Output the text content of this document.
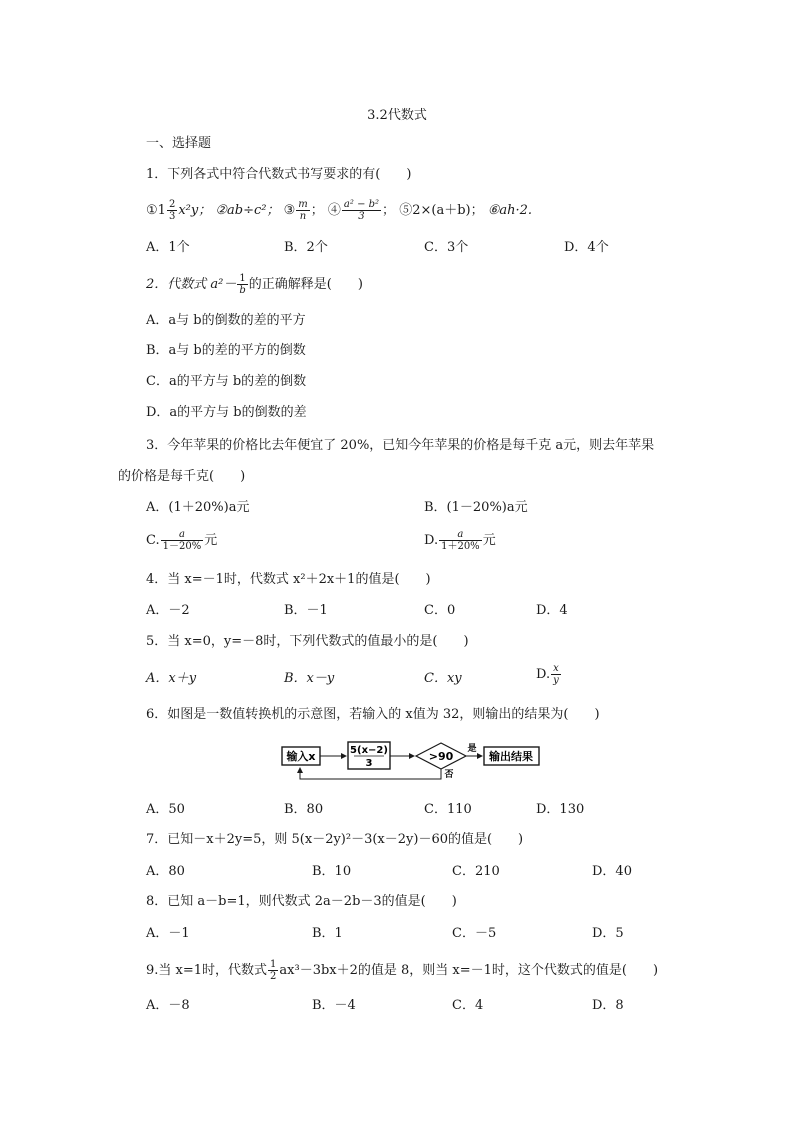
3.2代数式
一、选择题
1．下列各式中符合代数式书写要求的有(　　)
①1 $\frac{2}{3} x^2y$； ②ab÷c²； ③ $\frac{m}{n}$ ； ④ $\frac{\text{a² − b²}}{3}$ ； ⑤2×(a＋b)； ⑥ah·2.
A．1个	B．2个	C．3个	D．4个
2．代数式 $a^2- \frac{1}{b}$ 的正确解释是(　　)
A．a与 b的倒数的差的平方
B．a与 b的差的平方的倒数
C．a的平方与 b的差的倒数
D．a的平方与 b的倒数的差
3．今年苹果的价格比去年便宜了 20%，已知今年苹果的价格是每千克 a元，则去年苹果
的价格是每千克(　　)
A．(1＋20%)a元	B．(1－20%)a元
C. $\frac{a}{1-20\%}$ 元	D. $\frac{a}{1+20\%}$ 元
4．当 x=－1时，代数式 x²＋2x＋1的值是(　　)
A．－2	B．－1	C．0	D．4
5．当 x=0，y=－8时，下列代数式的值最小的是(　　)
A．x＋y	B．x－y	C．xy	D. $\frac{x}{y}$
6．如图是一数值转换机的示意图，若输入的 x值为 32，则输出的结果为(　　)
输入x	5(x−2)
3
>90
是
输出结果
否
A．50	B．80	C．110	D．130
7．已知－x＋2y=5，则 5(x－2y)²－3(x－2y)－60的值是(　　)
A．80	B．10	C．210	D．40
8．已知 a－b=1，则代数式 2a－2b－3的值是(　　)
A．－1	B．1	C．－5	D．5
9.当 x=1时，代数式 $\frac{1}{2} ax^3-3bx+2$的值是 8，则当 x=－1时，这个代数式的值是(　　)
A．－8	B．－4	C．4	D．8
